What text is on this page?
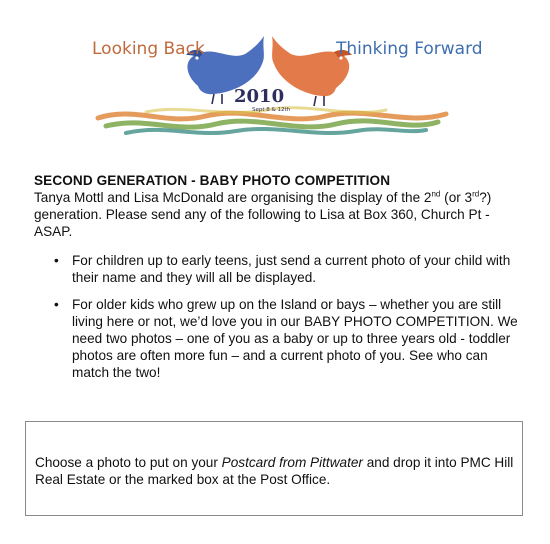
Looking Back	Thinking Forward
2010
Sept 8 & 12th

SECOND GENERATION - BABY PHOTO COMPETITION

Tanya Mottl and Lisa McDonald are organising the display of the 2nd (or 3rd?) generation. Please send any of the following to Lisa at Box 360, Church Pt - ASAP.

• For children up to early teens, just send a current photo of your child with their name and they will all be displayed.
• For older kids who grew up on the Island or bays – whether you are still living here or not, we’d love you in our BABY PHOTO COMPETITION. We need two photos – one of you as a baby or up to three years old - toddler photos are often more fun – and a current photo of you. See who can match the two!

Choose a photo to put on your Postcard from Pittwater and drop it into PMC Hill Real Estate or the marked box at the Post Office.
